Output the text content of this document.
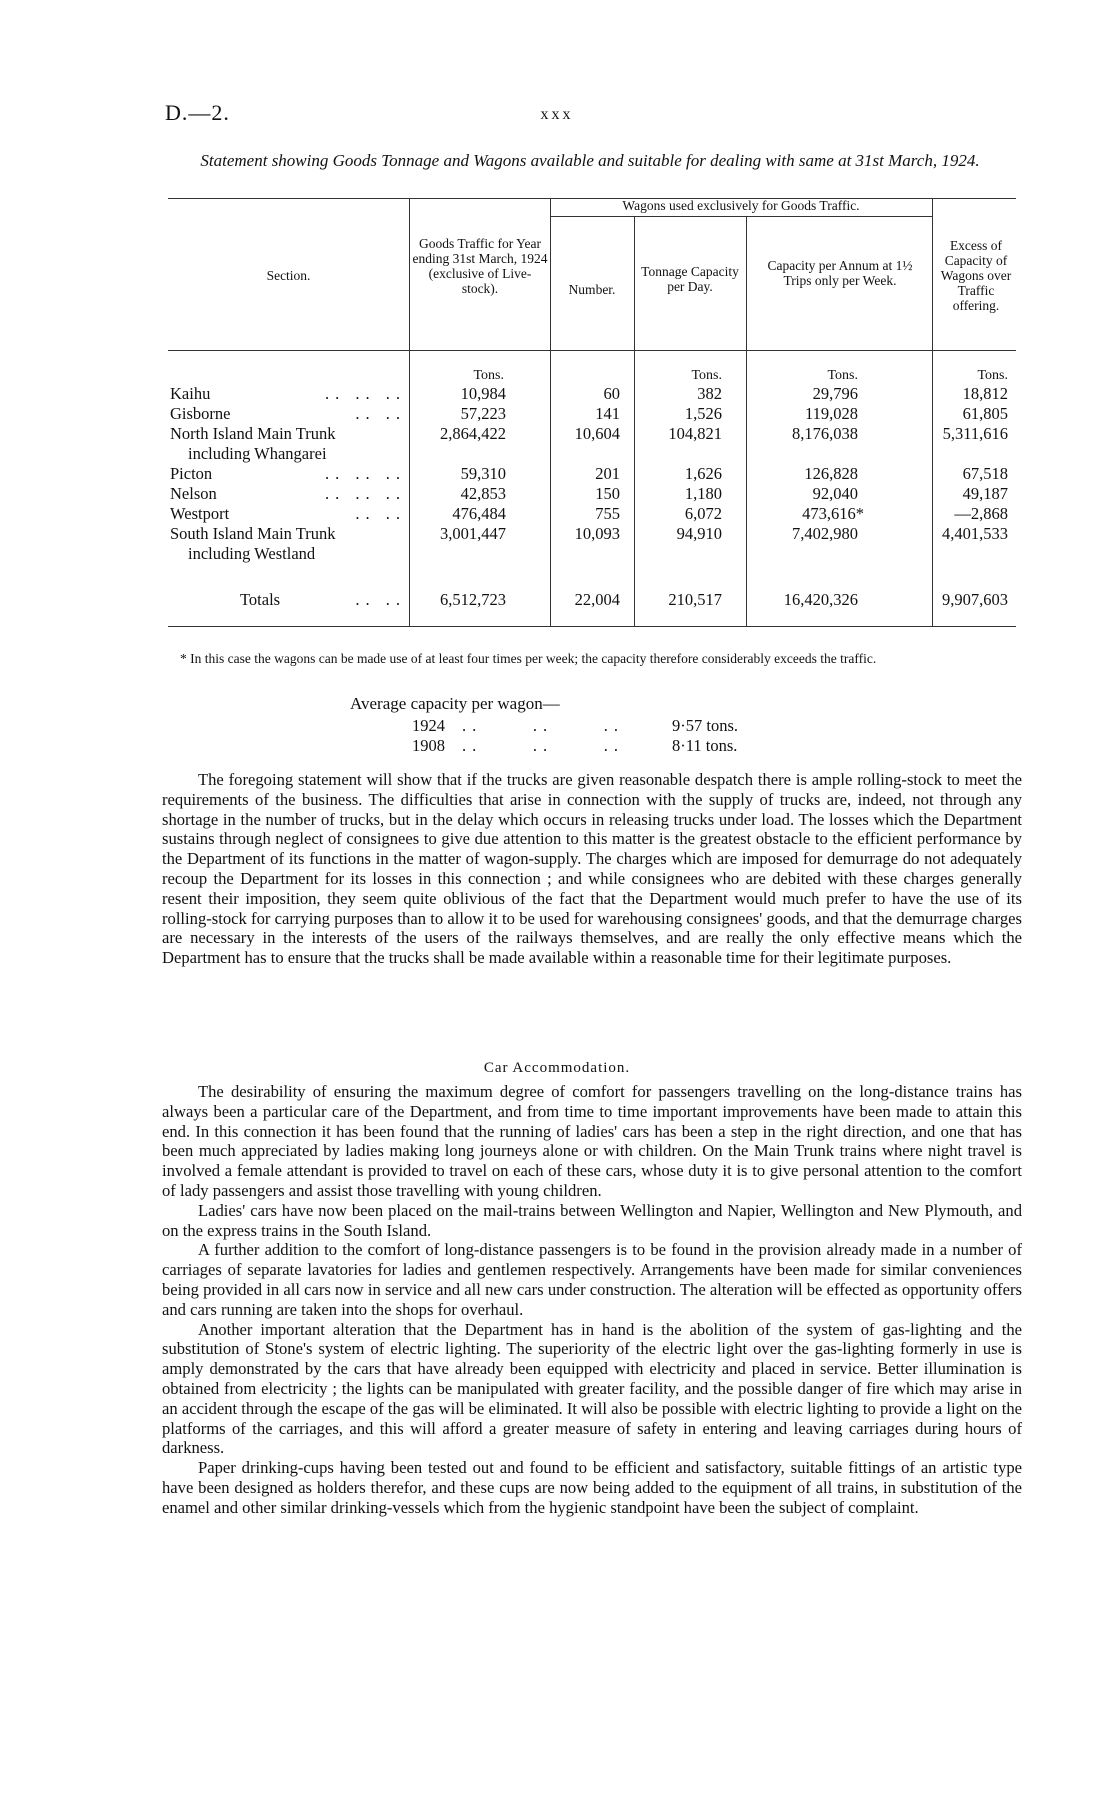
D.—2.	xxx
Statement showing Goods Tonnage and Wagons available and suitable for dealing with same at 31st March, 1924.
Section.
Goods Traffic for Year ending 31st March, 1924 (exclusive of Live-stock).
Wagons used exclusively for Goods Traffic.
Number.
Tonnage Capacity per Day.
Capacity per Annum at 1½ Trips only per Week.
Excess of Capacity of Wagons over Traffic offering.
Tons.	Tons.	Tons.	Tons.
Kaihu	.. .. ..	10,984	60	382	29,796	18,812
Gisborne	.. ..	57,223	141	1,526	119,028	61,805
North Island Main Trunk
including Whangarei
2,864,422	10,604	104,821	8,176,038	5,311,616
Picton	.. .. ..	59,310	201	1,626	126,828	67,518
Nelson	.. .. ..	42,853	150	1,180	92,040	49,187
Westport	.. ..	476,484	755	6,072	473,616*	—2,868
South Island Main Trunk
including Westland
3,001,447	10,093	94,910	7,402,980	4,401,533
Totals	.. ..	6,512,723	22,004	210,517	16,420,326	9,907,603
* In this case the wagons can be made use of at least four times per week; the capacity therefore considerably exceeds the traffic.
Average capacity per wagon—
1924 ..     ..     ..	9·57 tons.
1908 ..     ..     ..	8·11 tons.

The foregoing statement will show that if the trucks are given reasonable despatch there is ample rolling-stock to meet the requirements of the business. The difficulties that arise in connection with the supply of trucks are, indeed, not through any shortage in the number of trucks, but in the delay which occurs in releasing trucks under load. The losses which the Department sustains through neglect of consignees to give due attention to this matter is the greatest obstacle to the efficient performance by the Department of its functions in the matter of wagon-supply. The charges which are imposed for demurrage do not adequately recoup the Department for its losses in this connection ; and while consignees who are debited with these charges generally resent their imposition, they seem quite oblivious of the fact that the Department would much prefer to have the use of its rolling-stock for carrying purposes than to allow it to be used for warehousing consignees' goods, and that the demurrage charges are necessary in the interests of the users of the railways themselves, and are really the only effective means which the Department has to ensure that the trucks shall be made available within a reasonable time for their legitimate purposes.

Car Accommodation.

The desirability of ensuring the maximum degree of comfort for passengers travelling on the long-distance trains has always been a particular care of the Department, and from time to time important improvements have been made to attain this end. In this connection it has been found that the running of ladies' cars has been a step in the right direction, and one that has been much appreciated by ladies making long journeys alone or with children. On the Main Trunk trains where night travel is involved a female attendant is provided to travel on each of these cars, whose duty it is to give personal attention to the comfort of lady passengers and assist those travelling with young children.

Ladies' cars have now been placed on the mail-trains between Wellington and Napier, Wellington and New Plymouth, and on the express trains in the South Island.

A further addition to the comfort of long-distance passengers is to be found in the provision already made in a number of carriages of separate lavatories for ladies and gentlemen respectively. Arrangements have been made for similar conveniences being provided in all cars now in service and all new cars under construction. The alteration will be effected as opportunity offers and cars running are taken into the shops for overhaul.

Another important alteration that the Department has in hand is the abolition of the system of gas-lighting and the substitution of Stone's system of electric lighting. The superiority of the electric light over the gas-lighting formerly in use is amply demonstrated by the cars that have already been equipped with electricity and placed in service. Better illumination is obtained from electricity ; the lights can be manipulated with greater facility, and the possible danger of fire which may arise in an accident through the escape of the gas will be eliminated. It will also be possible with electric lighting to provide a light on the platforms of the carriages, and this will afford a greater measure of safety in entering and leaving carriages during hours of darkness.

Paper drinking-cups having been tested out and found to be efficient and satisfactory, suitable fittings of an artistic type have been designed as holders therefor, and these cups are now being added to the equipment of all trains, in substitution of the enamel and other similar drinking-vessels which from the hygienic standpoint have been the subject of complaint.
